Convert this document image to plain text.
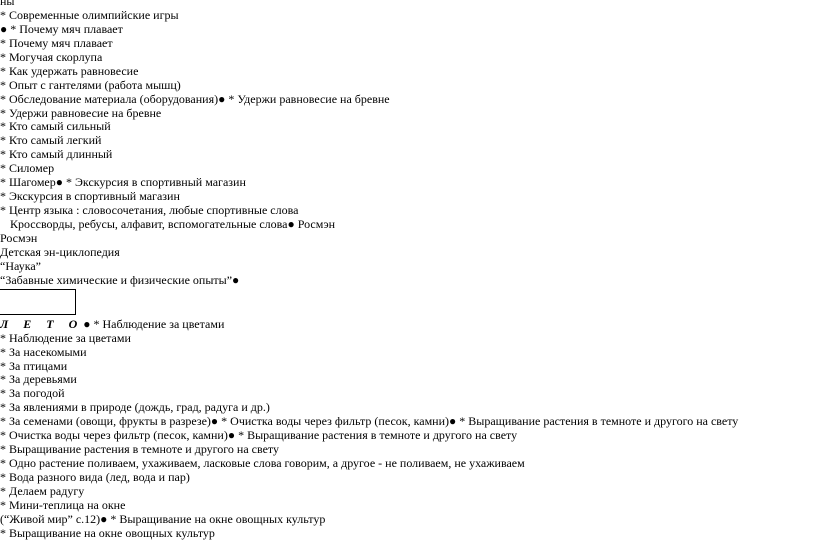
ны
* Современные олимпийские игры
● * Почему мяч плавает
* Почему мяч плавает
* Могучая скорлупа
* Как удержать равновесие
* Опыт с гантелями (работа мышц)
* Обследование материала (оборудования)● * Удержи равновесие на бревне
* Удержи равновесие на бревне
* Кто самый сильный
* Кто самый легкий
* Кто самый длинный
* Силомер
* Шагомер● * Экскурсия в спортивный магазин
* Экскурсия в спортивный магазин
* Центр языка : словосочетания, любые спортивные слова
Кроссворды, ребусы, алфавит, вспомогательные слова● Росмэн
Росмэн
Детская эн-циклопедия
“Наука”
“Забавные химические и физические опыты”●
Л Е Т О● * Наблюдение за цветами
* Наблюдение за цветами
* За насекомыми
* За птицами
* За деревьями
* За погодой
* За явлениями в природе (дождь, град, радуга и др.)
* За семенами (овощи, фрукты в разрезе)● * Очистка воды через фильтр (песок, камни)● * Выращивание растения в темноте и другого на свету
* Очистка воды через фильтр (песок, камни)● * Выращивание растения в темноте и другого на свету
* Выращивание растения в темноте и другого на свету
* Одно растение поливаем, ухаживаем, ласковые слова говорим, а другое - не поливаем, не ухаживаем
* Вода разного вида (лед, вода и пар)
* Делаем радугу
* Мини-теплица на окне
(“Живой мир” с.12)● * Выращивание на окне овощных культур
* Выращивание на окне овощных культур
